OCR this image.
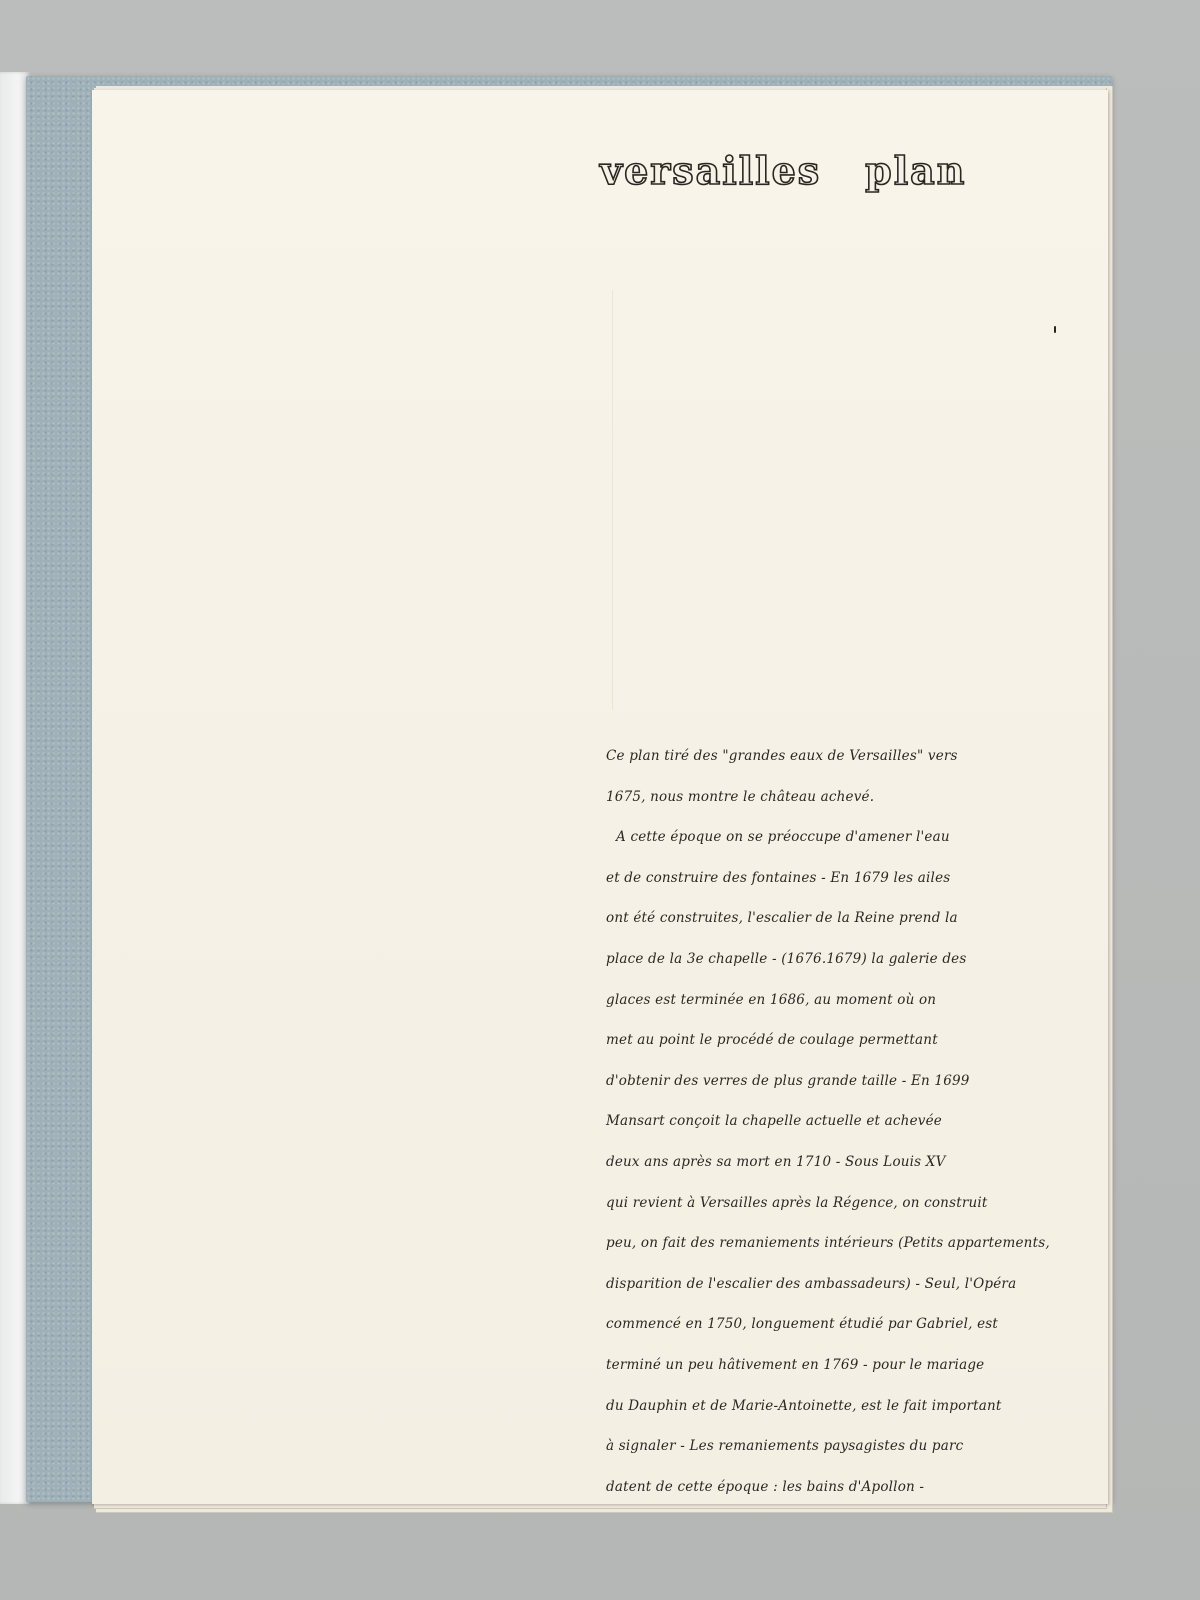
versailles plan
Ce plan tiré des "grandes eaux de Versailles" vers
1675, nous montre le château achevé.
A cette époque on se préoccupe d'amener l'eau
et de construire des fontaines - En 1679 les ailes
ont été construites, l'escalier de la Reine prend la
place de la 3e chapelle - (1676.1679) la galerie des
glaces est terminée en 1686, au moment où on
met au point le procédé de coulage permettant
d'obtenir des verres de plus grande taille - En 1699
Mansart conçoit la chapelle actuelle et achevée
deux ans après sa mort en 1710 - Sous Louis XV
qui revient à Versailles après la Régence, on construit
peu, on fait des remaniements intérieurs (Petits appartements,
disparition de l'escalier des ambassadeurs) - Seul, l'Opéra
commencé en 1750, longuement étudié par Gabriel, est
terminé un peu hâtivement en 1769 - pour le mariage
du Dauphin et de Marie-Antoinette, est le fait important
à signaler - Les remaniements paysagistes du parc
datent de cette époque : les bains d'Apollon -
